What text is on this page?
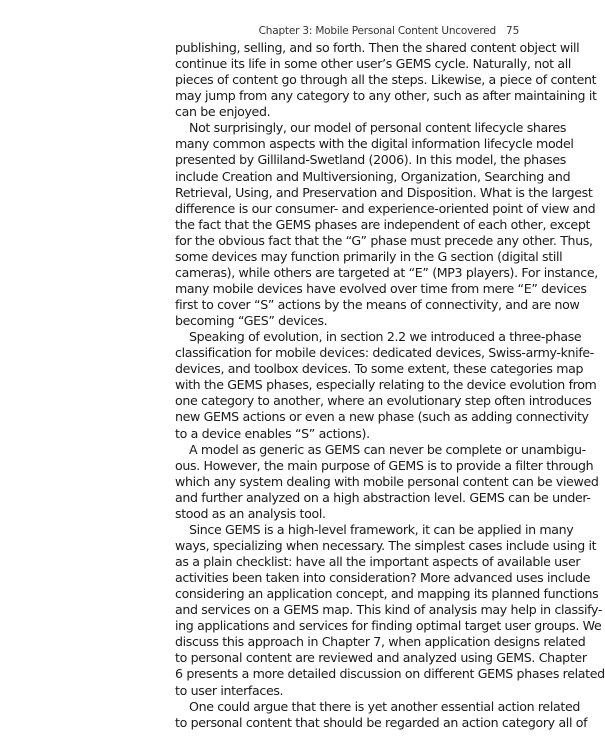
Chapter 3: Mobile Personal Content Uncovered 75
publishing, selling, and so forth. Then the shared content object will
continue its life in some other user’s GEMS cycle. Naturally, not all
pieces of content go through all the steps. Likewise, a piece of content
may jump from any category to any other, such as after maintaining it
can be enjoyed.
Not surprisingly, our model of personal content lifecycle shares
many common aspects with the digital information lifecycle model
presented by Gilliland-Swetland (2006). In this model, the phases
include Creation and Multiversioning, Organization, Searching and
Retrieval, Using, and Preservation and Disposition. What is the largest
difference is our consumer- and experience-oriented point of view and
the fact that the GEMS phases are independent of each other, except
for the obvious fact that the “G” phase must precede any other. Thus,
some devices may function primarily in the G section (digital still
cameras), while others are targeted at “E” (MP3 players). For instance,
many mobile devices have evolved over time from mere “E” devices
first to cover “S” actions by the means of connectivity, and are now
becoming “GES” devices.
Speaking of evolution, in section 2.2 we introduced a three-phase
classification for mobile devices: dedicated devices, Swiss-army-knife-
devices, and toolbox devices. To some extent, these categories map
with the GEMS phases, especially relating to the device evolution from
one category to another, where an evolutionary step often introduces
new GEMS actions or even a new phase (such as adding connectivity
to a device enables “S” actions).
A model as generic as GEMS can never be complete or unambigu-
ous. However, the main purpose of GEMS is to provide a filter through
which any system dealing with mobile personal content can be viewed
and further analyzed on a high abstraction level. GEMS can be under-
stood as an analysis tool.
Since GEMS is a high-level framework, it can be applied in many
ways, specializing when necessary. The simplest cases include using it
as a plain checklist: have all the important aspects of available user
activities been taken into consideration? More advanced uses include
considering an application concept, and mapping its planned functions
and services on a GEMS map. This kind of analysis may help in classify-
ing applications and services for finding optimal target user groups. We
discuss this approach in Chapter 7, when application designs related
to personal content are reviewed and analyzed using GEMS. Chapter
6 presents a more detailed discussion on different GEMS phases related
to user interfaces.
One could argue that there is yet another essential action related
to personal content that should be regarded an action category all of
